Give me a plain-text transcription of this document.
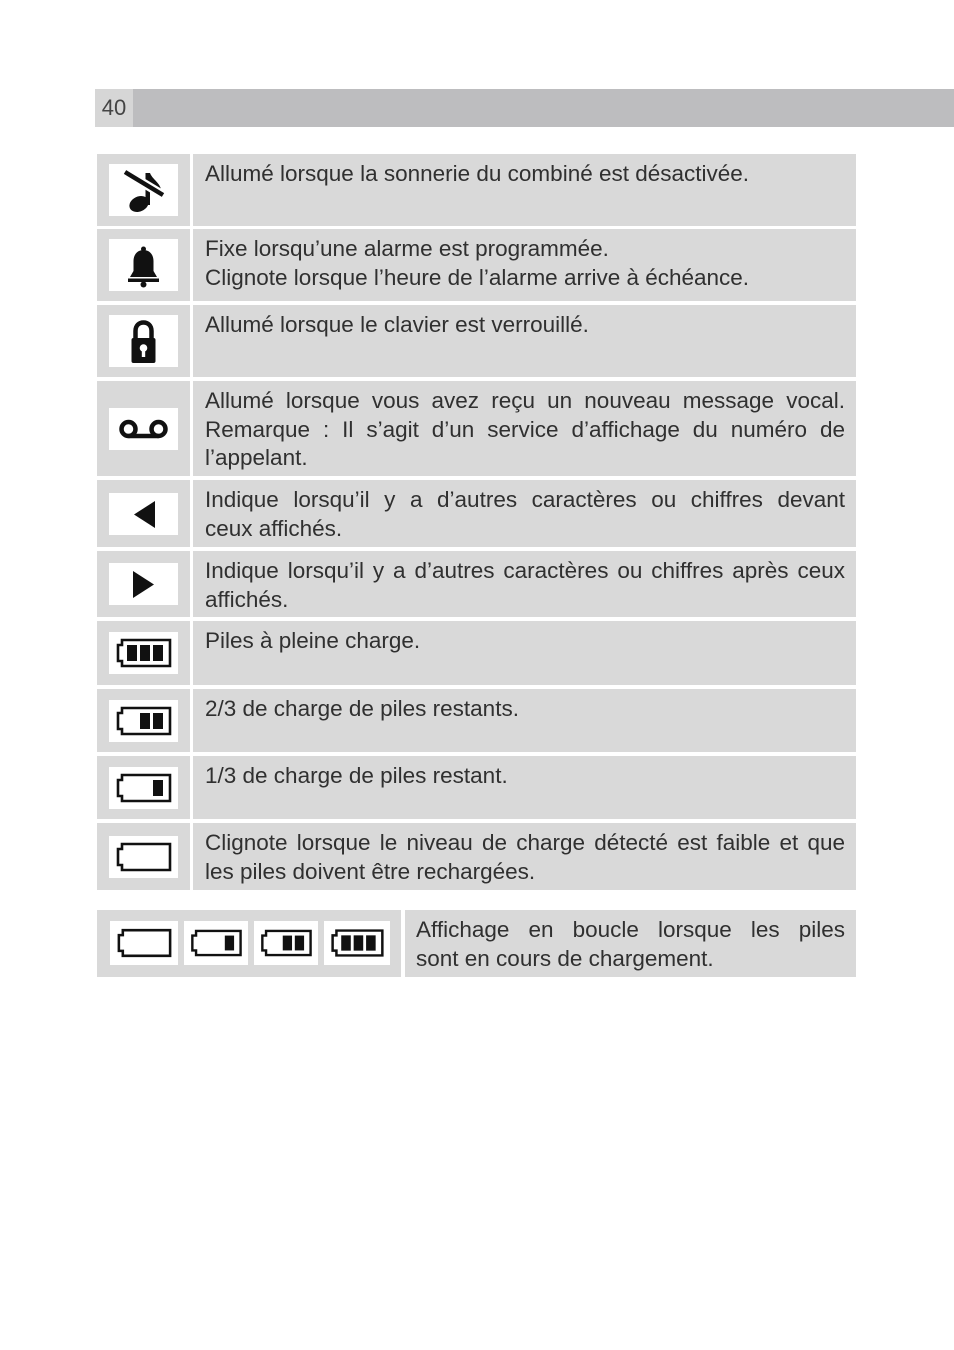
40
Allumé lorsque la sonnerie du combiné est désactivée.
Fixe lorsqu’une alarme est programmée.
Clignote lorsque l’heure de l’alarme arrive à échéance.
Allumé lorsque le clavier est verrouillé.
Allumé lorsque vous avez reçu un nouveau message vocal.
Remarque : Il s’agit d’un service d’affichage du numéro de
l’appelant.
Indique lorsqu’il y a d’autres caractères ou chiffres devant
ceux affichés.
Indique lorsqu’il y a d’autres caractères ou chiffres après ceux
affichés.
Piles à pleine charge.
2/3 de charge de piles restants.
1/3 de charge de piles restant.
Clignote lorsque le niveau de charge détecté est faible et que
les piles doivent être rechargées.
Affichage en boucle lorsque les piles
sont en cours de chargement.
